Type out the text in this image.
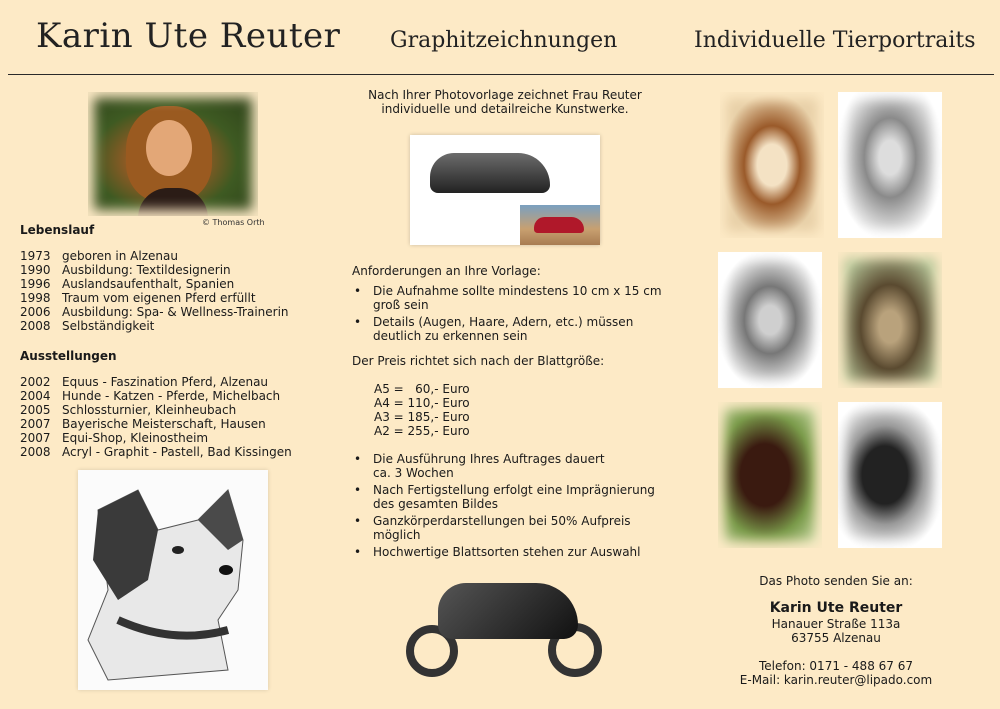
Karin Ute Reuter Graphitzeichnungen	Individuelle Tierportraits
© Thomas Orth
Lebenslauf
1973 geboren in Alzenau
1990 Ausbildung: Textildesignerin
1996 Auslandsaufenthalt, Spanien
1998 Traum vom eigenen Pferd erfüllt
2006 Ausbildung: Spa- & Wellness-Trainerin
2008 Selbständigkeit
Ausstellungen
2002 Equus - Faszination Pferd, Alzenau
2004 Hunde - Katzen - Pferde, Michelbach
2005 Schlossturnier, Kleinheubach
2007 Bayerische Meisterschaft, Hausen
2007 Equi-Shop, Kleinostheim
2008 Acryl - Graphit - Pastell, Bad Kissingen
Nach Ihrer Photovorlage zeichnet Frau Reuter
individuelle und detailreiche Kunstwerke.
Anforderungen an Ihre Vorlage:
• Die Aufnahme sollte mindestens 10 cm x 15 cm
groß sein
• Details (Augen, Haare, Adern, etc.) müssen
deutlich zu erkennen sein
Der Preis richtet sich nach der Blattgröße:
A5 =   60,- Euro
A4 = 110,- Euro
A3 = 185,- Euro
A2 = 255,- Euro
• Die Ausführung Ihres Auftrages dauert
ca. 3 Wochen
• Nach Fertigstellung erfolgt eine Imprägnierung
des gesamten Bildes
• Ganzkörperdarstellungen bei 50% Aufpreis
möglich
• Hochwertige Blattsorten stehen zur Auswahl
Das Photo senden Sie an:
Karin Ute Reuter
Hanauer Straße 113a
63755 Alzenau
Telefon: 0171 - 488 67 67
E-Mail: karin.reuter@lipado.com
